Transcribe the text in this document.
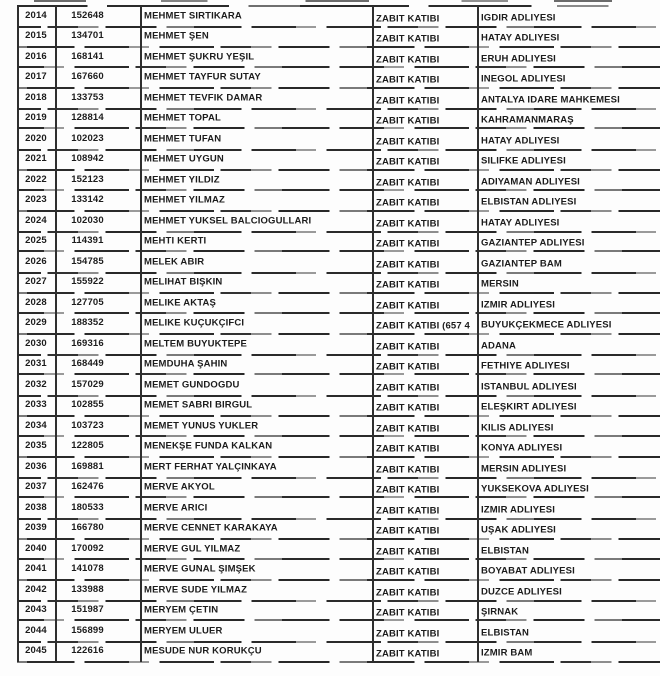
2014	152648	MEHMET SIRTIKARA	ZABIT KATİBİ	IĞDIR ADLİYESİ
2015	134701	MEHMET ŞEN	ZABIT KATİBİ	HATAY ADLİYESİ
2016	168141	MEHMET ŞÜKRÜ YEŞİL	ZABIT KATİBİ	ERUH ADLİYESİ
2017	167660	MEHMET TAYFUR SUTAY	ZABIT KATİBİ	İNEGÖL ADLİYESİ
2018	133753	MEHMET TEVFİK DAMAR	ZABIT KATİBİ	ANTALYA İDARE MAHKEMESİ
2019	128814	MEHMET TOPAL	ZABIT KATİBİ	KAHRAMANMARAŞ
2020	102023	MEHMET TUFAN	ZABIT KATİBİ	HATAY ADLİYESİ
2021	108942	MEHMET UYGUN	ZABIT KATİBİ	SİLİFKE ADLİYESİ
2022	152123	MEHMET YILDIZ	ZABIT KATİBİ	ADIYAMAN ADLİYESİ
2023	133142	MEHMET YILMAZ	ZABIT KATİBİ	ELBİSTAN ADLİYESİ
2024	102030	MEHMET YÜKSEL BALCIOĞULLARI	ZABIT KATİBİ	HATAY ADLİYESİ
2025	114391	MEHTİ KERTİ	ZABIT KATİBİ	GAZİANTEP ADLİYESİ
2026	154785	MELEK ABİR	ZABIT KATİBİ	GAZİANTEP BAM
2027	155922	MELİHAT BİŞKİN	ZABIT KATİBİ	MERSİN
2028	127705	MELİKE AKTAŞ	ZABIT KATİBİ	İZMİR ADLİYESİ
2029	188352	MELİKE KÜÇÜKÇİFCİ	ZABIT KATİBİ (657 4	BÜYÜKÇEKMECE ADLİYESİ
2030	169316	MELTEM BÜYÜKTEPE	ZABIT KATİBİ	ADANA
2031	168449	MEMDUHA ŞAHİN	ZABIT KATİBİ	FETHİYE ADLİYESİ
2032	157029	MEMET GÜNDOĞDU	ZABIT KATİBİ	İSTANBUL ADLİYESİ
2033	102855	MEMET SABRİ BİRGÜL	ZABIT KATİBİ	ELEŞKİRT ADLİYESİ
2034	103723	MEMET YUNUS YÜKLER	ZABIT KATİBİ	KİLİS ADLİYESİ
2035	122805	MENEKŞE FUNDA KALKAN	ZABIT KATİBİ	KONYA ADLİYESİ
2036	169881	MERT FERHAT YALÇINKAYA	ZABIT KATİBİ	MERSİN ADLİYESİ
2037	162476	MERVE AKYOL	ZABIT KATİBİ	YÜKSEKOVA ADLİYESİ
2038	180533	MERVE ARICI	ZABIT KATİBİ	İZMİR ADLİYESİ
2039	166780	MERVE CENNET KARAKAYA	ZABIT KATİBİ	UŞAK ADLİYESİ
2040	170092	MERVE GÜL YILMAZ	ZABIT KATİBİ	ELBİSTAN
2041	141078	MERVE GÜNAL ŞİMŞEK	ZABIT KATİBİ	BOYABAT ADLİYESİ
2042	133988	MERVE SUDE YILMAZ	ZABIT KATİBİ	DÜZCE ADLİYESİ
2043	151987	MERYEM ÇETİN	ZABIT KATİBİ	ŞIRNAK
2044	156899	MERYEM ULUER	ZABIT KATİBİ	ELBİSTAN
2045	122616	MESUDE NUR KORUKÇU	ZABIT KATİBİ	İZMİR BAM
